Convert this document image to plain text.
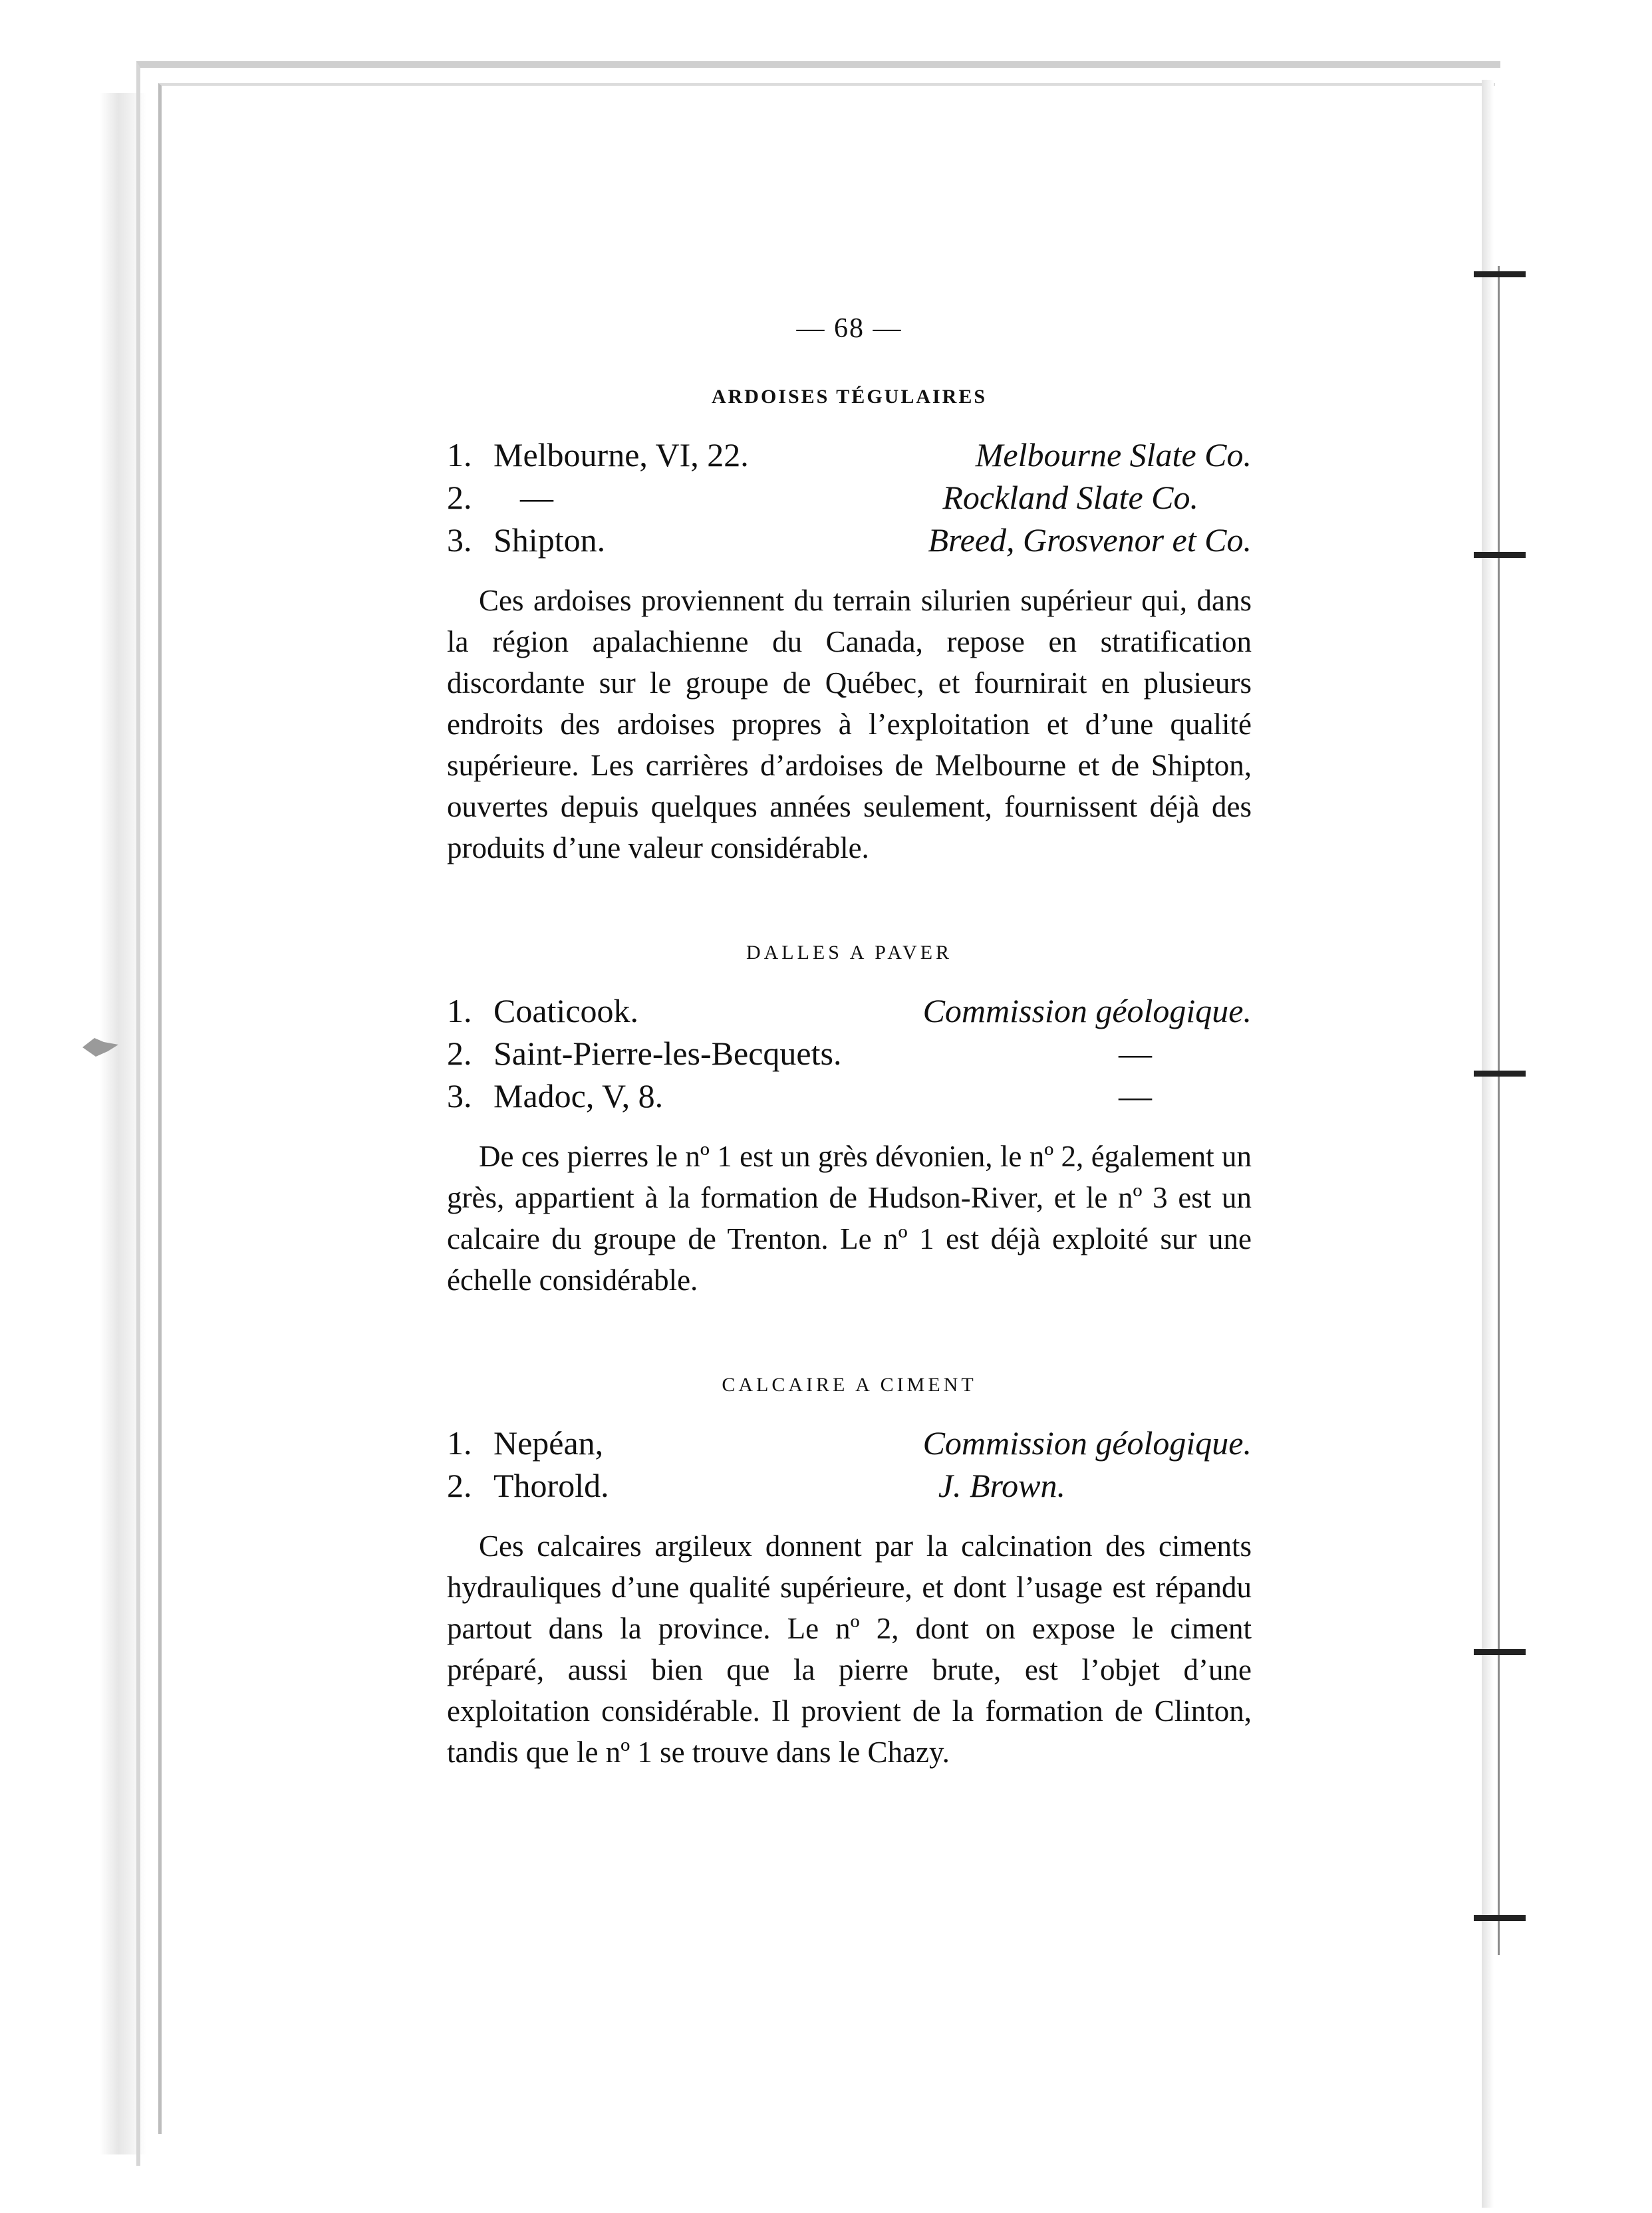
— 68 —
ARDOISES TÉGULAIRES
1. Melbourne, VI, 22.	Melbourne Slate Co.
2.	—	Rockland Slate Co.
3. Shipton.	Breed, Grosvenor et Co.

Ces ardoises proviennent du terrain silurien supérieur qui, dans la région apalachienne du Canada, repose en stratification discordante sur le groupe de Québec, et fournirait en plusieurs endroits des ardoises propres à l’exploitation et d’une qualité supérieure. Les carrières d’ardoises de Melbourne et de Shipton, ouvertes depuis quelques années seulement, fournissent déjà des produits d’une valeur considérable.

DALLES A PAVER
1. Coaticook.	Commission géologique.
2. Saint-Pierre-les-Becquets.	—
3. Madoc, V, 8.	—

De ces pierres le nº 1 est un grès dévonien, le nº 2, également un grès, appartient à la formation de Hudson-River, et le nº 3 est un calcaire du groupe de Trenton. Le nº 1 est déjà exploité sur une échelle considérable.

CALCAIRE A CIMENT
1. Nepéan,	Commission géologique.
2. Thorold.	J. Brown.

Ces calcaires argileux donnent par la calcination des ciments hydrauliques d’une qualité supérieure, et dont l’usage est répandu partout dans la province. Le nº 2, dont on expose le ciment préparé, aussi bien que la pierre brute, est l’objet d’une exploitation considérable. Il provient de la formation de Clinton, tandis que le nº 1 se trouve dans le Chazy.
